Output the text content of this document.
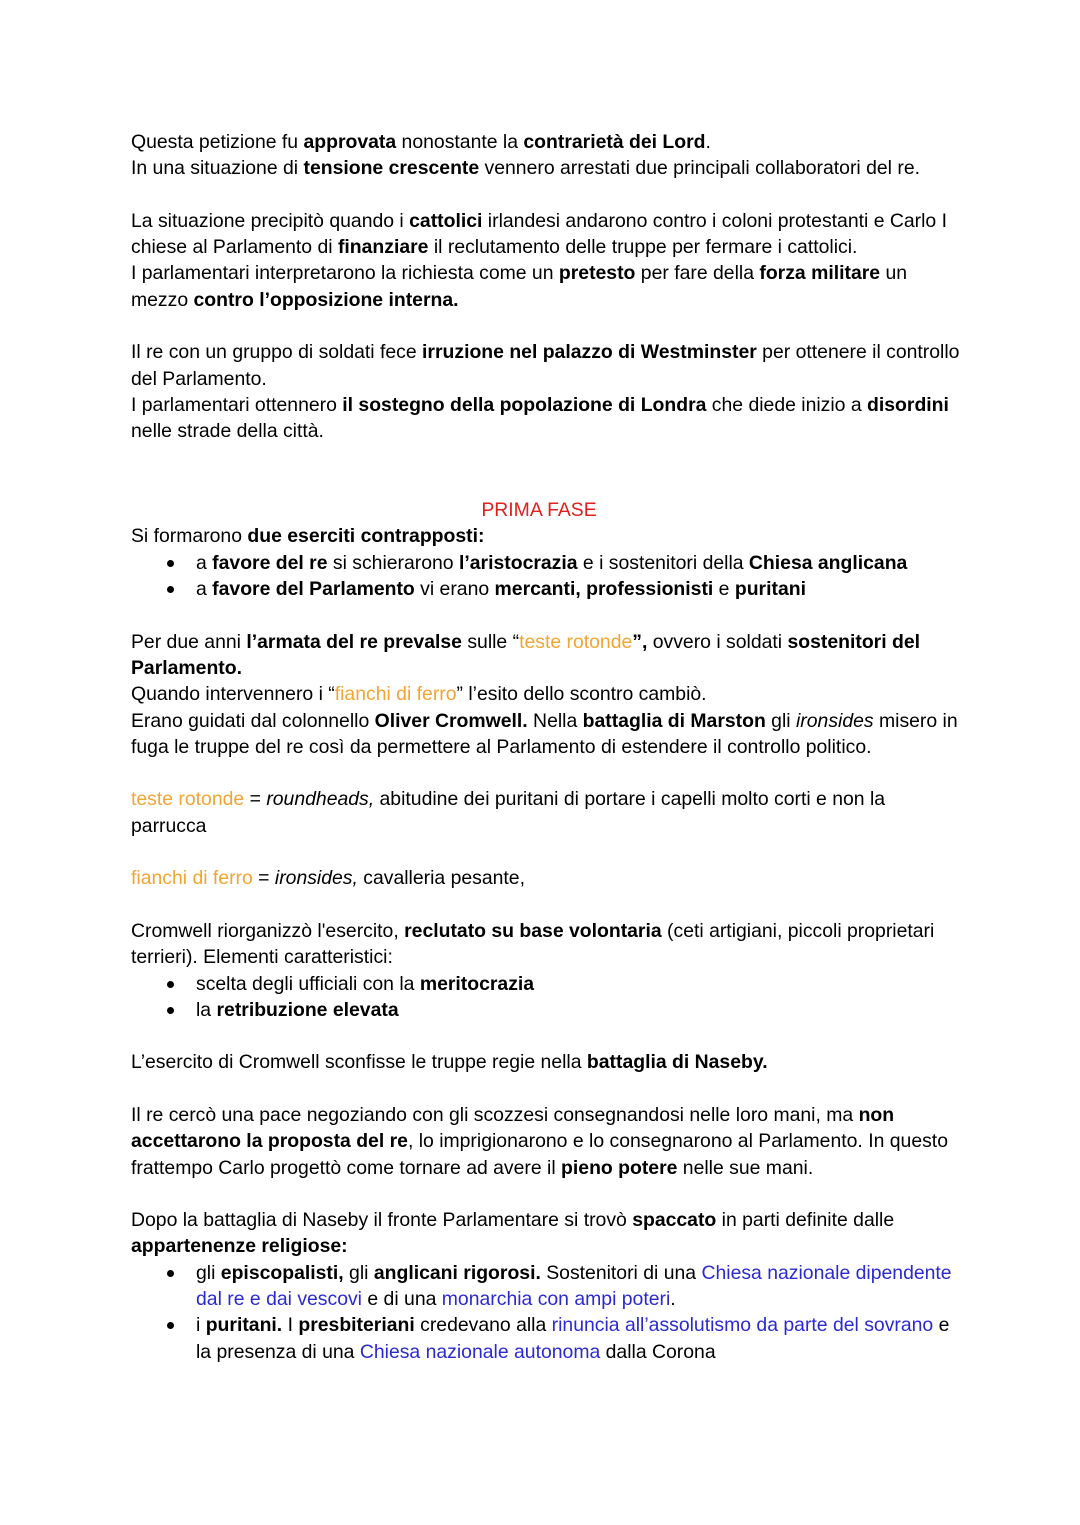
Questa petizione fu approvata nonostante la contrarietà dei Lord.

In una situazione di tensione crescente vennero arrestati due principali collaboratori del re.

La situazione precipitò quando i cattolici irlandesi andarono contro i coloni protestanti e Carlo I chiese al Parlamento di finanziare il reclutamento delle truppe per fermare i cattolici.

I parlamentari interpretarono la richiesta come un pretesto per fare della forza militare un mezzo contro l’opposizione interna.

Il re con un gruppo di soldati fece irruzione nel palazzo di Westminster per ottenere il controllo del Parlamento.

I parlamentari ottennero il sostegno della popolazione di Londra che diede inizio a disordini nelle strade della città.

PRIMA FASE

Si formarono due eserciti contrapposti:

a favore del re si schierarono l’aristocrazia e i sostenitori della Chiesa anglicana
a favore del Parlamento vi erano mercanti, professionisti e puritani

Per due anni l’armata del re prevalse sulle “teste rotonde”, ovvero i soldati sostenitori del Parlamento.

Quando intervennero i “fianchi di ferro” l’esito dello scontro cambiò.

Erano guidati dal colonnello Oliver Cromwell. Nella battaglia di Marston gli ironsides misero in fuga le truppe del re così da permettere al Parlamento di estendere il controllo politico.

teste rotonde = roundheads, abitudine dei puritani di portare i capelli molto corti e non la parrucca

fianchi di ferro = ironsides, cavalleria pesante,

Cromwell riorganizzò l'esercito, reclutato su base volontaria (ceti artigiani, piccoli proprietari terrieri). Elementi caratteristici:

scelta degli ufficiali con la meritocrazia
la retribuzione elevata

L’esercito di Cromwell sconfisse le truppe regie nella battaglia di Naseby.

Il re cercò una pace negoziando con gli scozzesi consegnandosi nelle loro mani, ma non accettarono la proposta del re, lo imprigionarono e lo consegnarono al Parlamento. In questo frattempo Carlo progettò come tornare ad avere il pieno potere nelle sue mani.

Dopo la battaglia di Naseby il fronte Parlamentare si trovò spaccato in parti definite dalle appartenenze religiose:

gli episcopalisti, gli anglicani rigorosi. Sostenitori di una Chiesa nazionale dipendente dal re e dai vescovi e di una monarchia con ampi poteri.
i puritani. I presbiteriani credevano alla rinuncia all’assolutismo da parte del sovrano e la presenza di una Chiesa nazionale autonoma dalla Corona
